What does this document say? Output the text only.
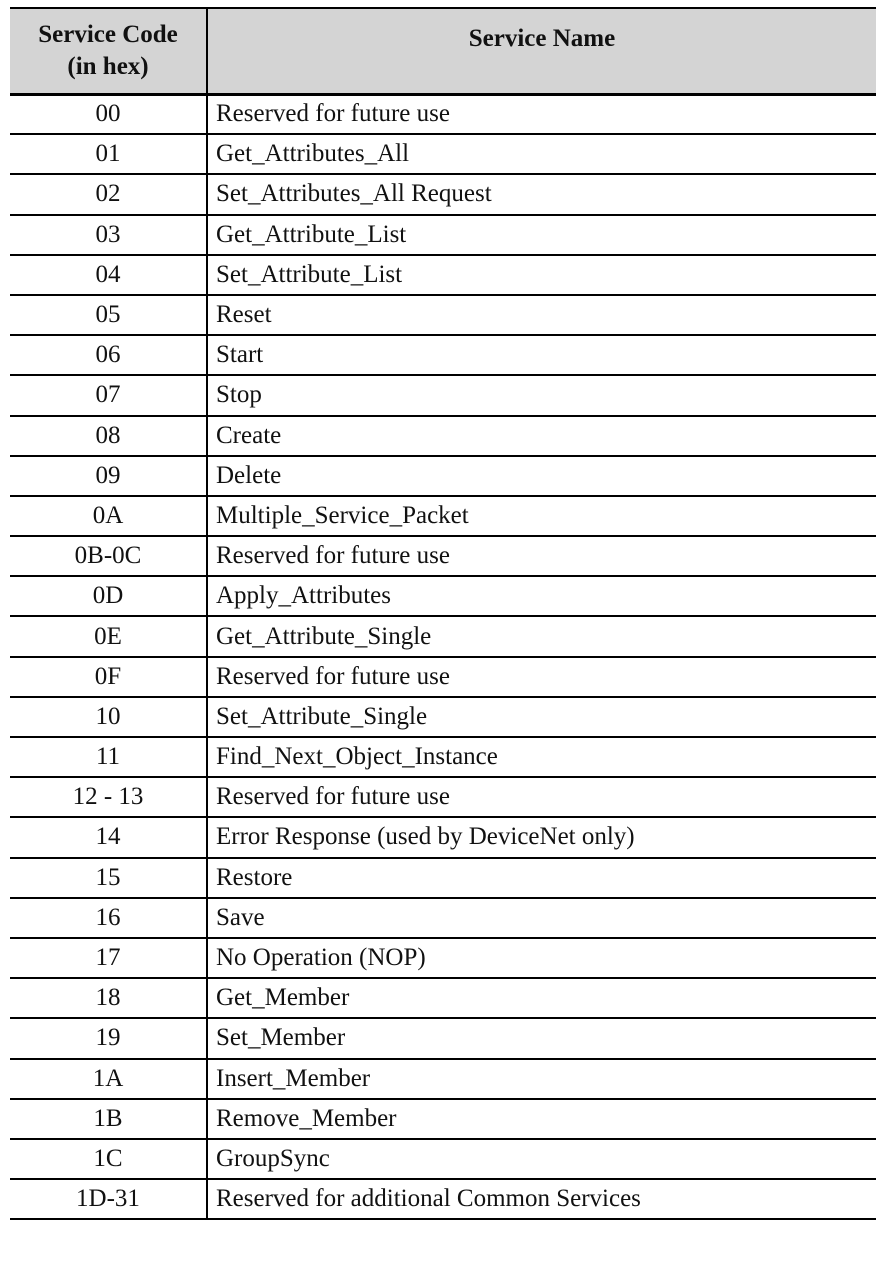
Service Code
(in hex)	Service Name
00	Reserved for future use
01	Get_Attributes_All
02	Set_Attributes_All Request
03	Get_Attribute_List
04	Set_Attribute_List
05	Reset
06	Start
07	Stop
08	Create
09	Delete
0A	Multiple_Service_Packet
0B-0C	Reserved for future use
0D	Apply_Attributes
0E	Get_Attribute_Single
0F	Reserved for future use
10	Set_Attribute_Single
11	Find_Next_Object_Instance
12 - 13	Reserved for future use
14	Error Response (used by DeviceNet only)
15	Restore
16	Save
17	No Operation (NOP)
18	Get_Member
19	Set_Member
1A	Insert_Member
1B	Remove_Member
1C	GroupSync
1D-31	Reserved for additional Common Services
